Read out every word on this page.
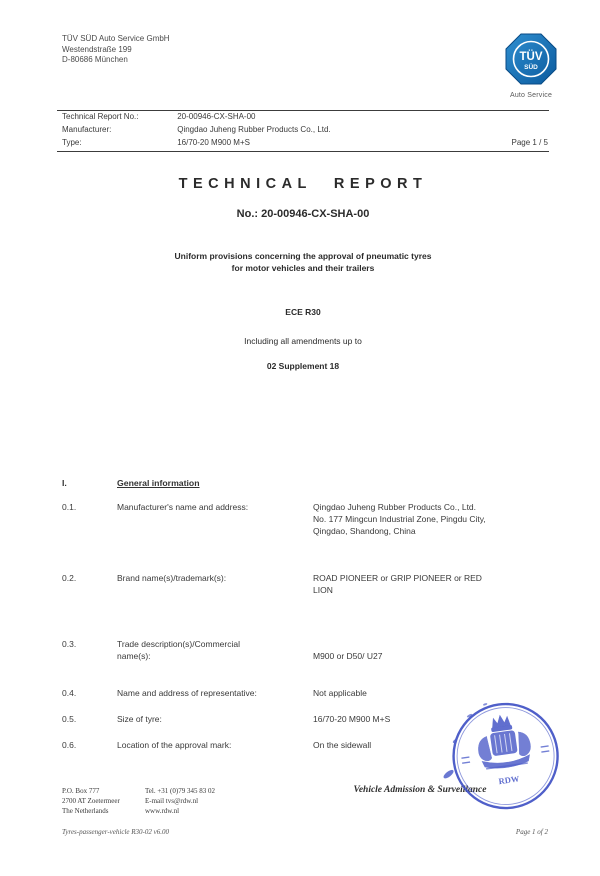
TÜV SÜD Auto Service GmbH
Westendstraße 199
D-80686 München	TÜV
SÜD
Auto Service
Technical Report No.:	20-00946-CX-SHA-00
Manufacturer:	Qingdao Juheng Rubber Products Co., Ltd.
Type:	16/70-20 M900 M+S	Page 1 / 5
TECHNICAL REPORT
No.: 20-00946-CX-SHA-00
Uniform provisions concerning the approval of pneumatic tyres
for motor vehicles and their trailers
ECE R30
Including all amendments up to
02 Supplement 18
I.	General information
0.1.	Manufacturer's name and address:	Qingdao Juheng Rubber Products Co., Ltd.
No. 177 Mingcun Industrial Zone, Pingdu City,
Qingdao, Shandong, China
0.2.	Brand name(s)/trademark(s):	ROAD PIONEER or GRIP PIONEER or RED
LION
0.3.	Trade description(s)/Commercial
name(s):	M900 or D50/ U27
0.4.	Name and address of representative:	Not applicable
0.5.	Size of tyre:	16/70-20 M900 M+S
0.6.	Location of the approval mark:	On the sidewall
P.O. Box 777
2700 AT Zoetermeer
The Netherlands
Tel. +31 (0)79 345 83 02
E-mail tvs@rdw.nl
www.rdw.nl
Vehicle Admission & Surveillance
Tyres-passenger-vehicle R30-02 v6.00	Page 1 of 2
RDW
